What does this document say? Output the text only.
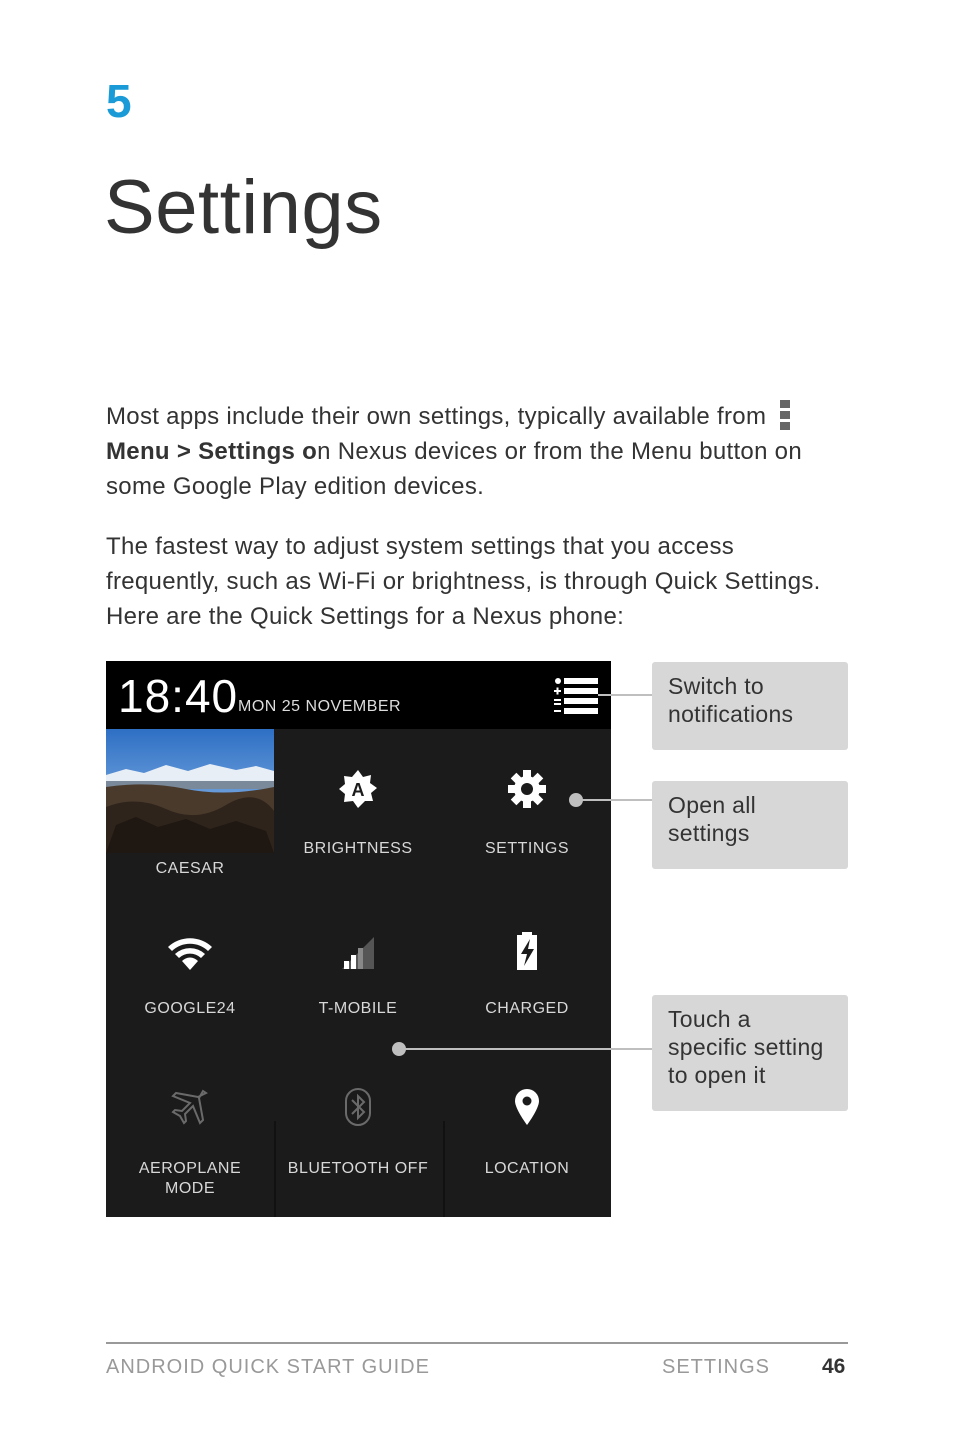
5
Settings

Most apps include their own settings, typically available from

Menu > Settings on Nexus devices or from the Menu button on some Google Play edition devices.

The fastest way to adjust system settings that you access frequently, such as Wi-Fi or brightness, is through Quick Settings. Here are the Quick Settings for a Nexus phone:

18:40 MON 25 NOVEMBER
CAESAR
A
BRIGHTNESS	SETTINGS
GOOGLE24	T-MOBILE	CHARGED
AEROPLANE
MODE
BLUETOOTH OFF	LOCATION
Switch to
notifications
Open all
settings
Touch a
specific setting
to open it
ANDROID QUICK START GUIDE	SETTINGS 46
